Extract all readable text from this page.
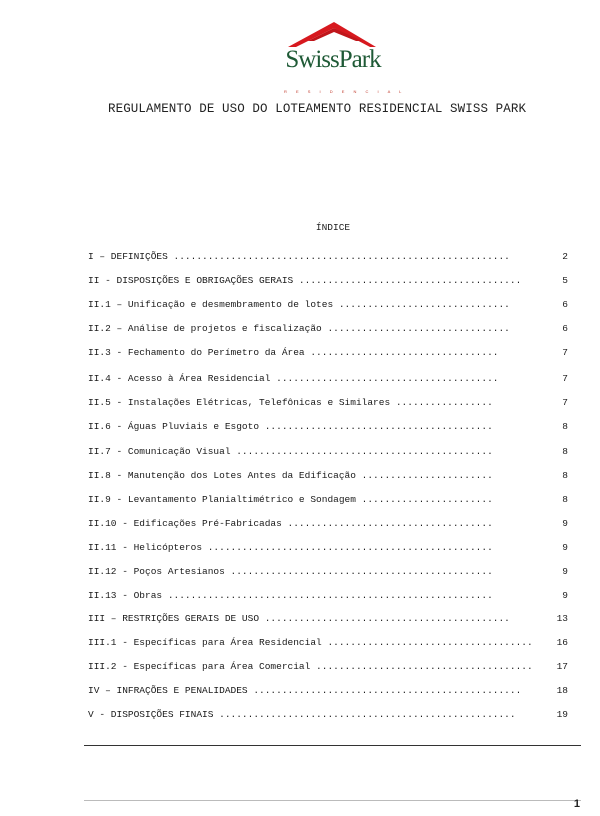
SwissPark
R E S I D E N C I A L
REGULAMENTO DE USO DO LOTEAMENTO RESIDENCIAL SWISS PARK
ÍNDICE
I – DEFINIÇÕES ...........................................................	2
II - DISPOSIÇÕES E OBRIGAÇÕES GERAIS .......................................	5
II.1 – Unificação e desmembramento de lotes ..............................	6
II.2 – Análise de projetos e fiscalização ................................	6
II.3 - Fechamento do Perímetro da Área .................................	7
II.4 - Acesso à Área Residencial .......................................	7
II.5 - Instalações Elétricas, Telefônicas e Similares .................	7
II.6 - Águas Pluviais e Esgoto ........................................	8
II.7 - Comunicação Visual .............................................	8
II.8 - Manutenção dos Lotes Antes da Edificação .......................	8
II.9 - Levantamento Planialtimétrico e Sondagem .......................	8
II.10 - Edificações Pré-Fabricadas ....................................	9
II.11 - Helicópteros ..................................................	9
II.12 - Poços Artesianos ..............................................	9
II.13 - Obras .........................................................	9
III – RESTRIÇÕES GERAIS DE USO ...........................................	13
III.1 - Específicas para Área Residencial ....................................	16
III.2 - Específicas para Área Comercial ......................................	17
IV – INFRAÇÕES E PENALIDADES ...............................................	18
V - DISPOSIÇÕES FINAIS ....................................................	19
1
